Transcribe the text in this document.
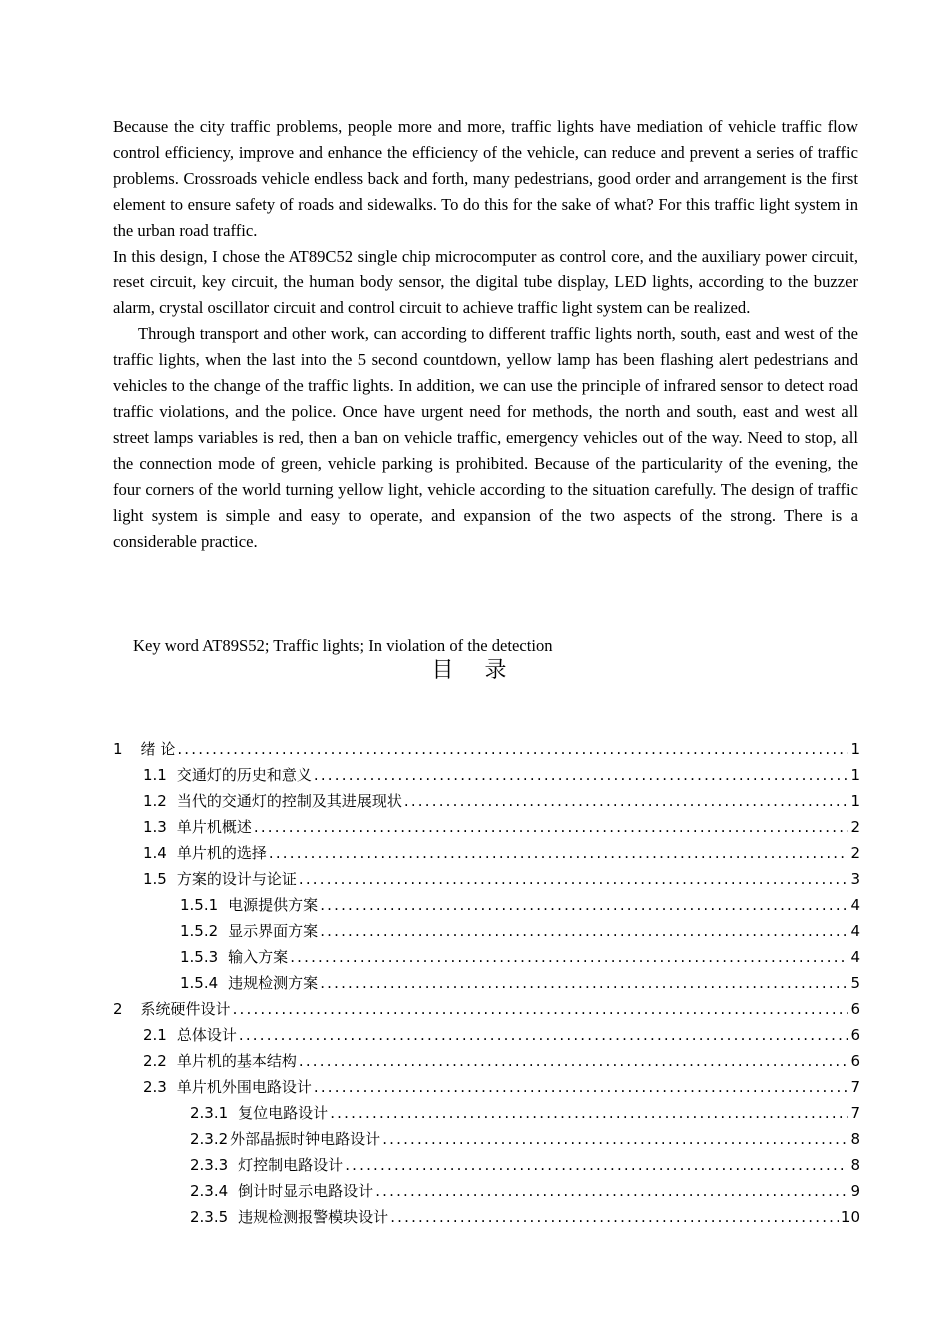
Because the city traffic problems, people more and more, traffic lights have mediation of vehicle traffic flow control efficiency, improve and enhance the efficiency of the vehicle, can reduce and prevent a series of traffic problems. Crossroads vehicle endless back and forth, many pedestrians, good order and arrangement is the first element to ensure safety of roads and sidewalks. To do this for the sake of what? For this traffic light system in the urban road traffic.

In this design, I chose the AT89C52 single chip microcomputer as control core, and the auxiliary power circuit, reset circuit, key circuit, the human body sensor, the digital tube display, LED lights, according to the buzzer alarm, crystal oscillator circuit and control circuit to achieve traffic light system can be realized.

Through transport and other work, can according to different traffic lights north, south, east and west of the traffic lights, when the last into the 5 second countdown, yellow lamp has been flashing alert pedestrians and vehicles to the change of the traffic lights. In addition, we can use the principle of infrared sensor to detect road traffic violations, and the police. Once have urgent need for methods, the north and south, east and west all street lamps variables is red, then a ban on vehicle traffic, emergency vehicles out of the way. Need to stop, all the connection mode of green, vehicle parking is prohibited. Because of the particularity of the evening, the four corners of the world turning yellow light, vehicle according to the situation carefully. The design of traffic light system is simple and easy to operate, and expansion of the two aspects of the strong. There is a considerable practice.

Key word AT89S52; Traffic lights; In violation of the detection
目 录
1 绪 论 .....	1
1.1 交通灯的历史和意义 .....	1
1.2 当代的交通灯的控制及其进展现状 .....	1
1.3 单片机概述 .....	2
1.4 单片机的选择 .....	2
1.5 方案的设计与论证 .....	3
1.5.1 电源提供方案 .....	4
1.5.2 显示界面方案 .....	4
1.5.3 输入方案 .....	4
1.5.4 违规检测方案 .....	5
2 系统硬件设计 .....	6
2.1 总体设计 .....	6
2.2 单片机的基本结构 .....	6
2.3 单片机外围电路设计 .....	7
2.3.1 复位电路设计 .....	7
2.3.2 外部晶振时钟电路设计 .....	8
2.3.3 灯控制电路设计 .....	8
2.3.4 倒计时显示电路设计 .....	9
2.3.5 违规检测报警模块设计 .....	10
